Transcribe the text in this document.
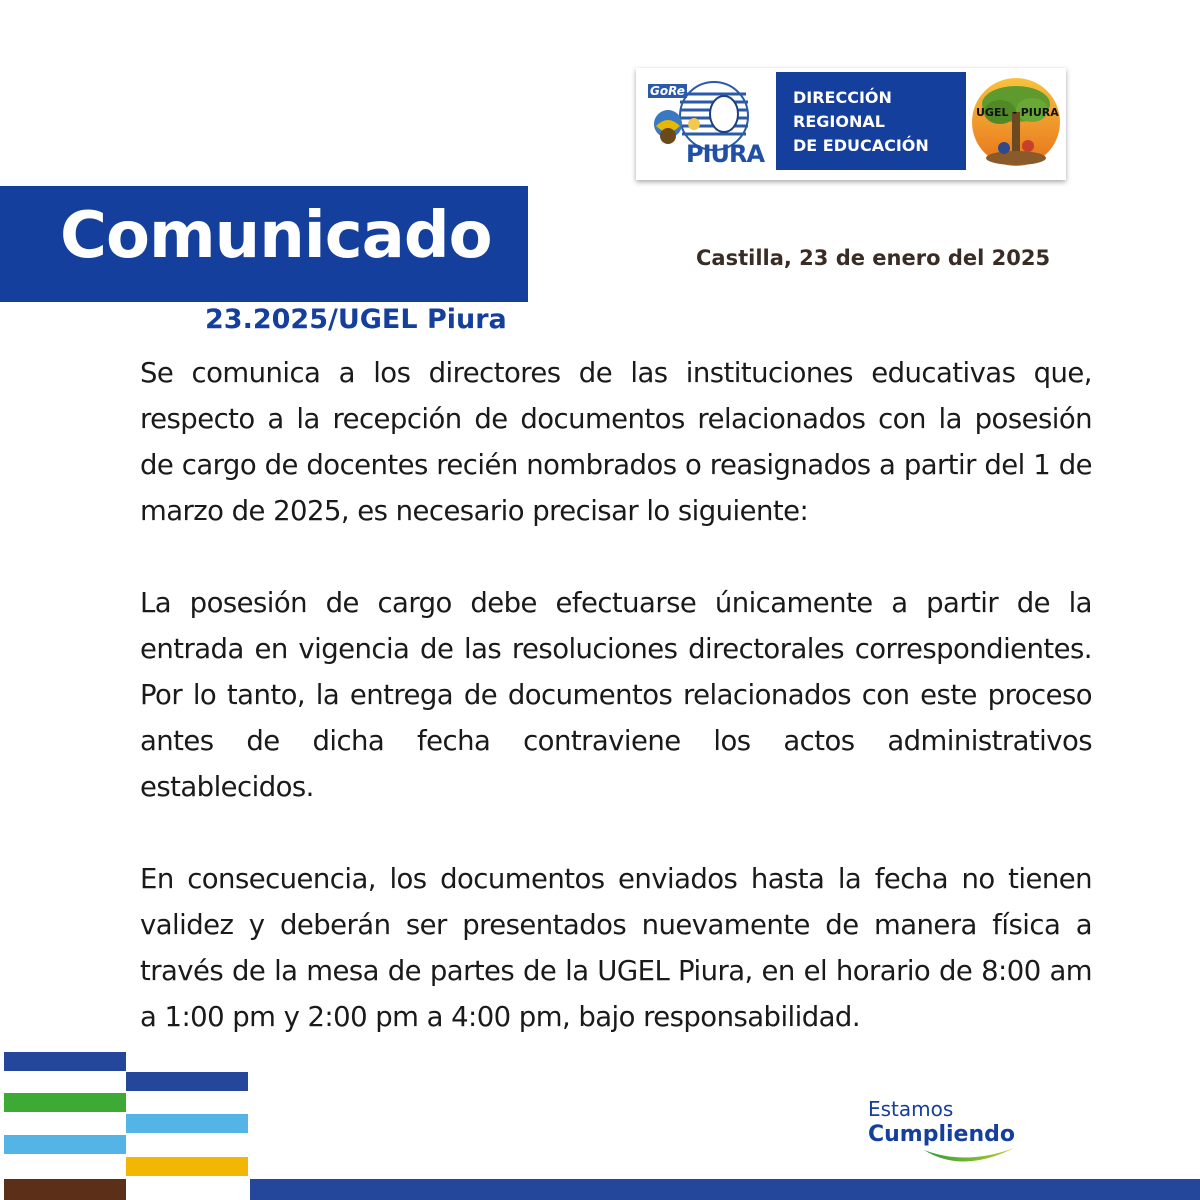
GoRe
PIURA
DIRECCIÓN
REGIONAL
DE EDUCACIÓN
UGEL - PIURA
Comunicado
23.2025/UGEL Piura
Castilla, 23 de enero del 2025

Se comunica a los directores de las instituciones educativas que, respecto a la recepción de documentos relacionados con la posesión de cargo de docentes recién nombrados o reasignados a partir del 1 de marzo de 2025, es necesario precisar lo siguiente:

La posesión de cargo debe efectuarse únicamente a partir de la entrada en vigencia de las resoluciones directorales correspondientes. Por lo tanto, la entrega de documentos relacionados con este proceso antes de dicha fecha contraviene los actos administrativos establecidos.

En consecuencia, los documentos enviados hasta la fecha no tienen validez y deberán ser presentados nuevamente de manera física a través de la mesa de partes de la UGEL Piura, en el horario de 8:00 am a 1:00 pm y 2:00 pm a 4:00 pm, bajo responsabilidad.

Estamos
Cumpliendo
